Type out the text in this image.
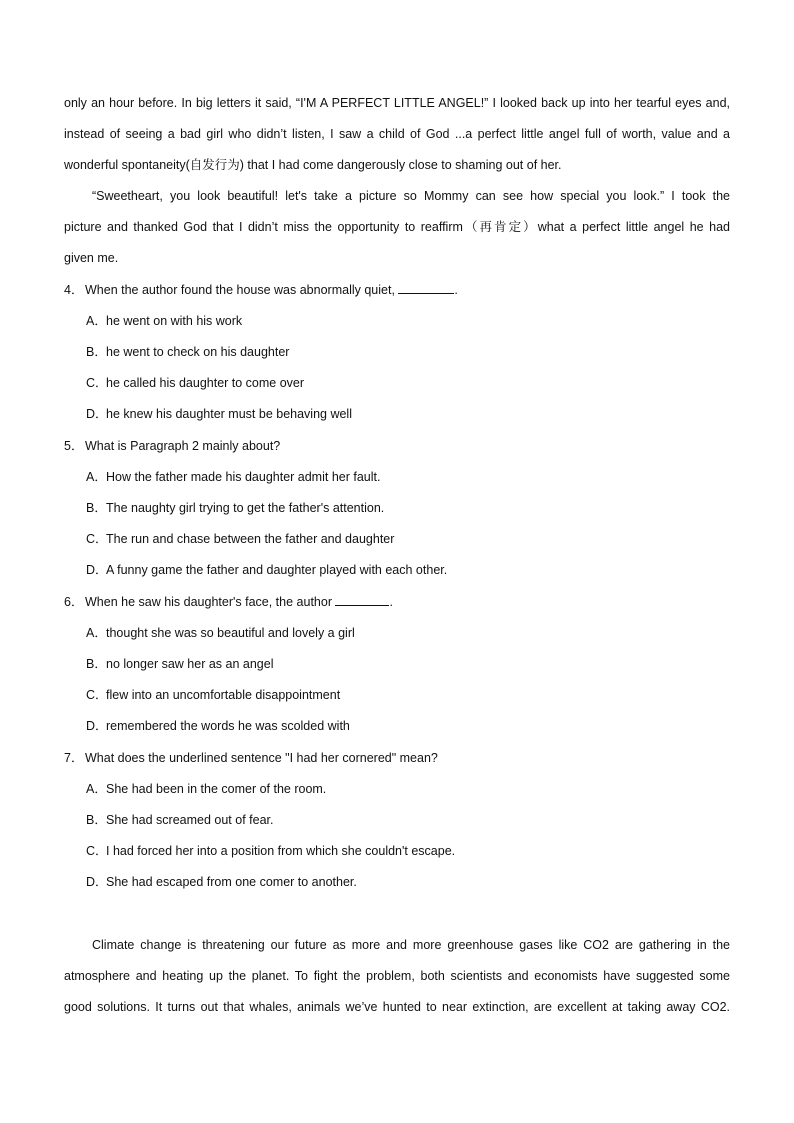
only an hour before. In big letters it said, “I'M A PERFECT LITTLE ANGEL!” I looked back up into her tearful eyes and,
instead of seeing a bad girl who didn’t listen, I saw a child of God ...a perfect little angel full of worth, value and a
wonderful spontaneity(自发行为) that I had come dangerously close to shaming out of her.
“Sweetheart, you look beautiful! let's take a picture so Mommy can see how special you look.” I took the
picture and thanked God that I didn’t miss the opportunity to reaffirm（再肯定）what a perfect little angel he had
given me.
4． When the author found the house was abnormally quiet,	.
A．he went on with his work
B．he went to check on his daughter
C．he called his daughter to come over
D．he knew his daughter must be behaving well
5． What is Paragraph 2 mainly about?
A．How the father made his daughter admit her fault.
B．The naughty girl trying to get the father's attention.
C．The run and chase between the father and daughter
D．A funny game the father and daughter played with each other.
6． When he saw his daughter's face, the author	.
A．thought she was so beautiful and lovely a girl
B．no longer saw her as an angel
C．flew into an uncomfortable disappointment
D．remembered the words he was scolded with
7． What does the underlined sentence "I had her cornered" mean?
A．She had been in the comer of the room.
B．She had screamed out of fear.
C．I had forced her into a position from which she couldn't escape.
D．She had escaped from one comer to another.
Climate change is threatening our future as more and more greenhouse gases like CO2 are gathering in the
atmosphere and heating up the planet. To fight the problem, both scientists and economists have suggested some
good solutions. It turns out that whales, animals we’ve hunted to near extinction, are excellent at taking away CO2.
